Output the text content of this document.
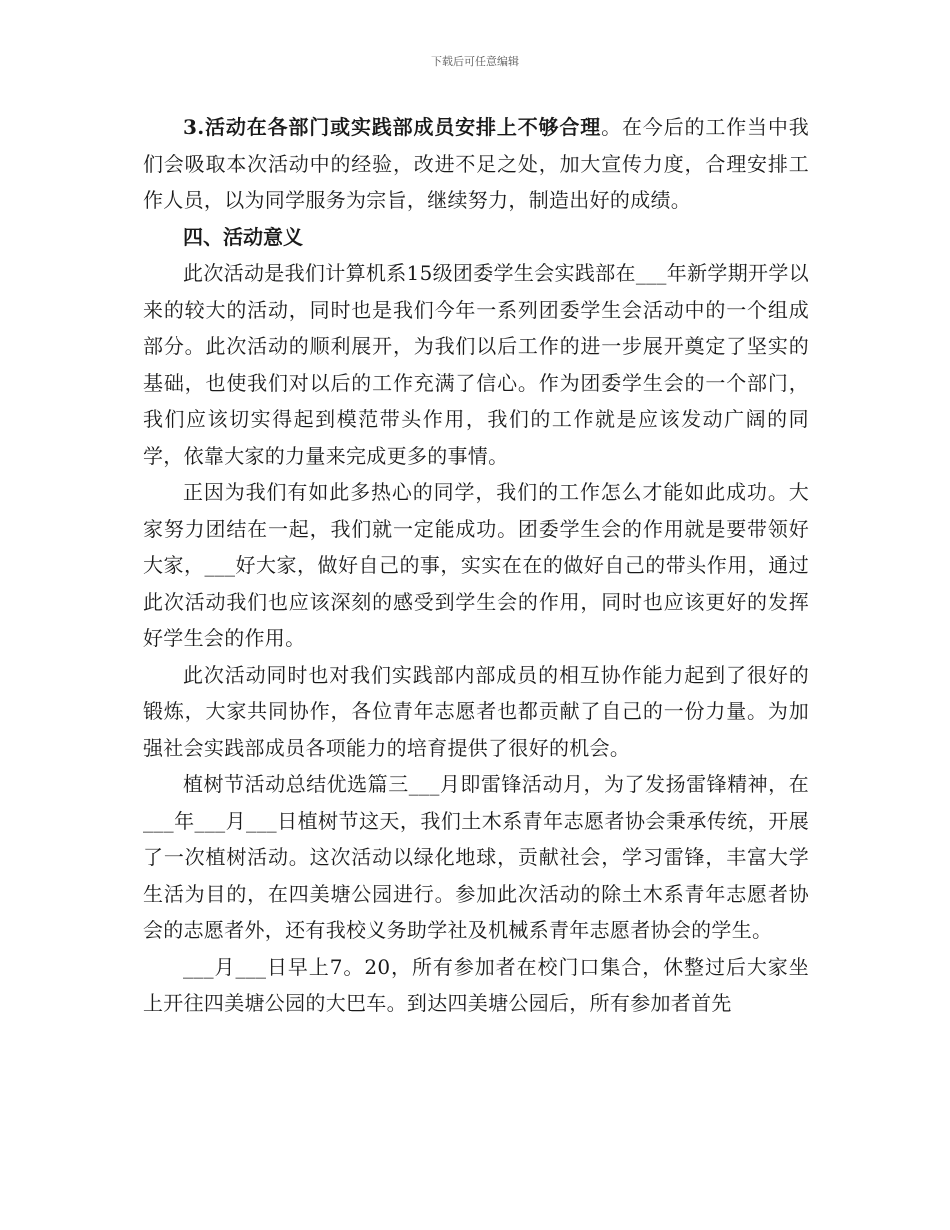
下载后可任意编辑

3.活动在各部门或实践部成员安排上不够合理。在今后的工作当中我们会吸取本次活动中的经验，改进不足之处，加大宣传力度，合理安排工作人员，以为同学服务为宗旨，继续努力，制造出好的成绩。

四、活动意义

此次活动是我们计算机系15级团委学生会实践部在___年新学期开学以来的较大的活动，同时也是我们今年一系列团委学生会活动中的一个组成部分。此次活动的顺利展开，为我们以后工作的进一步展开奠定了坚实的基础，也使我们对以后的工作充满了信心。作为团委学生会的一个部门，我们应该切实得起到模范带头作用，我们的工作就是应该发动广阔的同学，依靠大家的力量来完成更多的事情。

正因为我们有如此多热心的同学，我们的工作怎么才能如此成功。大家努力团结在一起，我们就一定能成功。团委学生会的作用就是要带领好大家，___好大家，做好自己的事，实实在在的做好自己的带头作用，通过此次活动我们也应该深刻的感受到学生会的作用，同时也应该更好的发挥好学生会的作用。

此次活动同时也对我们实践部内部成员的相互协作能力起到了很好的锻炼，大家共同协作，各位青年志愿者也都贡献了自己的一份力量。为加强社会实践部成员各项能力的培育提供了很好的机会。

植树节活动总结优选篇三___月即雷锋活动月，为了发扬雷锋精神，在___年___月___日植树节这天，我们土木系青年志愿者协会秉承传统，开展了一次植树活动。这次活动以绿化地球，贡献社会，学习雷锋，丰富大学生活为目的，在四美塘公园进行。参加此次活动的除土木系青年志愿者协会的志愿者外，还有我校义务助学社及机械系青年志愿者协会的学生。

___月___日早上7。20，所有参加者在校门口集合，休整过后大家坐上开往四美塘公园的大巴车。到达四美塘公园后，所有参加者首先
